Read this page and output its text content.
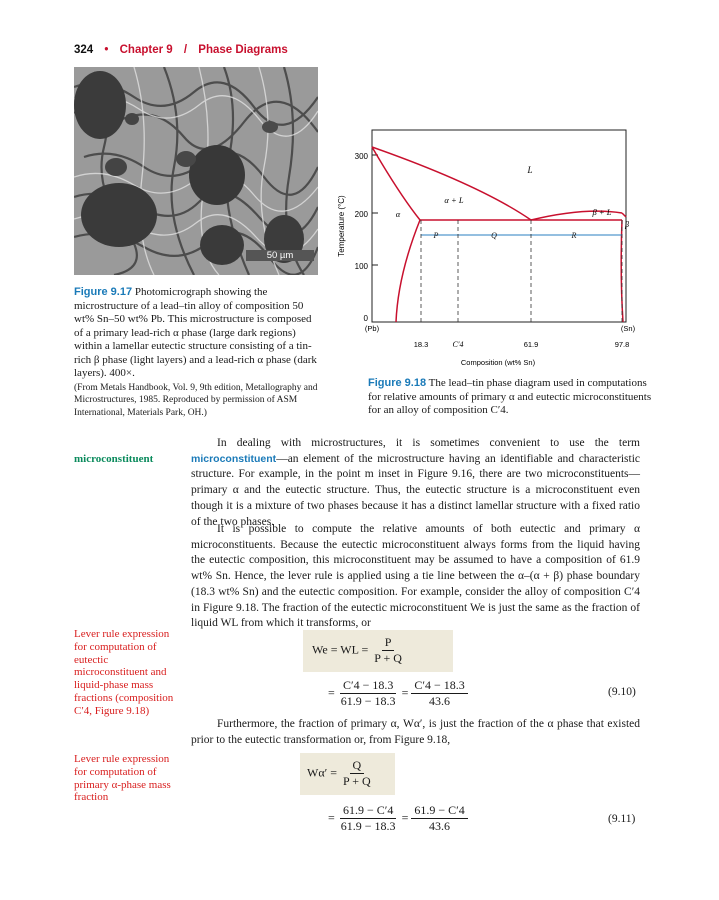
324 • Chapter 9 / Phase Diagrams
50 µm
Figure 9.17 Photomicrograph showing the microstructure of a lead–tin alloy of composition 50 wt% Sn–50 wt% Pb. This microstructure is composed of a primary lead-rich α phase (large dark regions) within a lamellar eutectic structure consisting of a tin-rich β phase (light layers) and a lead-rich α phase (dark layers). 400×.
(From Metals Handbook, Vol. 9, 9th edition, Metallography and Microstructures, 1985. Reproduced by permission of ASM International, Materials Park, OH.)
300
200
100
0
Temperature (°C)
(Pb)	(Sn)
P	Q	R
L
α + L
β + L
α
β
18.3	C′4	61.9	97.8
Composition (wt% Sn)
Figure 9.18 The lead–tin phase diagram used in computations for relative amounts of primary α and eutectic microconstituents for an alloy of composition C′4.
microconstituent
In dealing with microstructures, it is sometimes convenient to use the term microconstituent—an element of the microstructure having an identifiable and characteristic structure. For example, in the point m inset in Figure 9.16, there are two microconstituents—primary α and the eutectic structure. Thus, the eutectic structure is a microconstituent even though it is a mixture of two phases because it has a distinct lamellar structure with a fixed ratio of the two phases.
It is possible to compute the relative amounts of both eutectic and primary α microconstituents. Because the eutectic microconstituent always forms from the liquid having the eutectic composition, this microconstituent may be assumed to have a composition of 61.9 wt% Sn. Hence, the lever rule is applied using a tie line between the α–(α + β) phase boundary (18.3 wt% Sn) and the eutectic composition. For example, consider the alloy of composition C′4 in Figure 9.18. The fraction of the eutectic microconstituent We is just the same as the fraction of liquid WL from which it transforms, or
Lever rule expression for computation of eutectic microconstituent and liquid-phase mass fractions (composition C′4, Figure 9.18)
Lever rule expression for computation of primary α-phase mass fraction
We = WL = $\frac{P}{P + Q}$
= $\frac{C'4 - 18.3}{61.9 - 18.3} = \frac{C'4 - 18.3}{43.6}$	(9.10)
Furthermore, the fraction of primary α, Wα′, is just the fraction of the α phase that existed prior to the eutectic transformation or, from Figure 9.18,
$W\alpha' = \frac{Q}{P + Q}$
= $\frac{61.9 - C'4}{61.9 - 18.3} = \frac{61.9 - C'4}{43.6}$	(9.11)
